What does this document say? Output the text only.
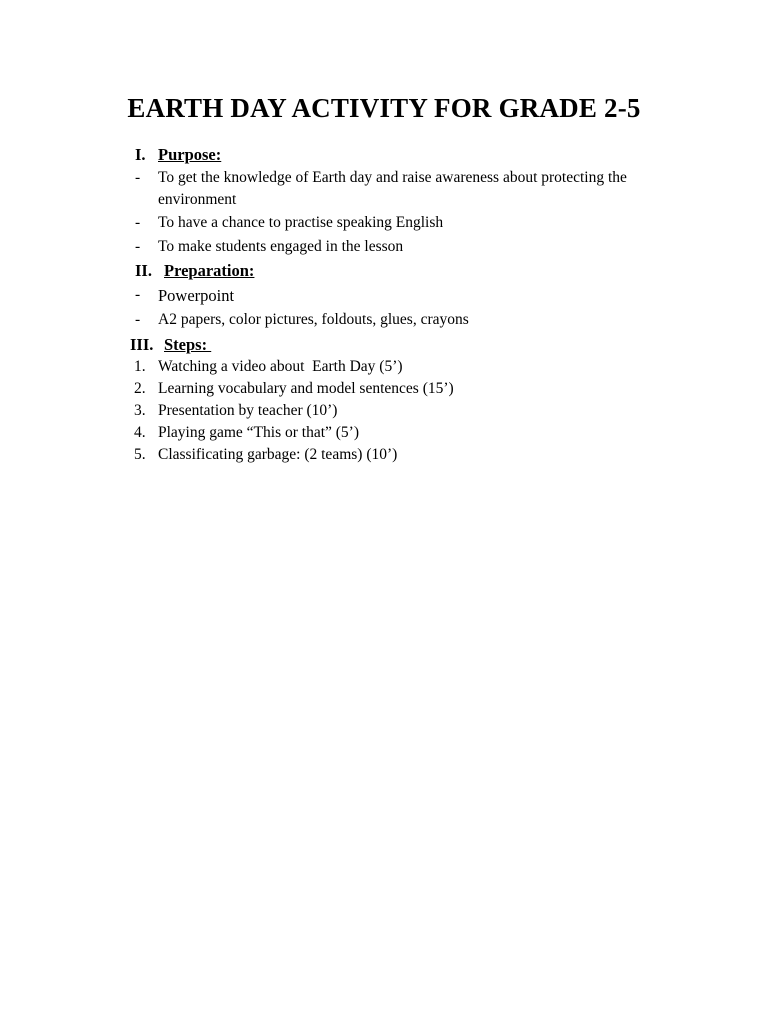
EARTH DAY ACTIVITY FOR GRADE 2-5
I. Purpose:
- To get the knowledge of Earth day and raise awareness about protecting the
environment
- To have a chance to practise speaking English
- To make students engaged in the lesson
II. Preparation:
- Powerpoint
- A2 papers, color pictures, foldouts, glues, crayons
III. Steps:
1. Watching a video about  Earth Day (5’)
2. Learning vocabulary and model sentences (15’)
3. Presentation by teacher (10’)
4. Playing game “This or that” (5’)
5. Classificating garbage: (2 teams) (10’)
